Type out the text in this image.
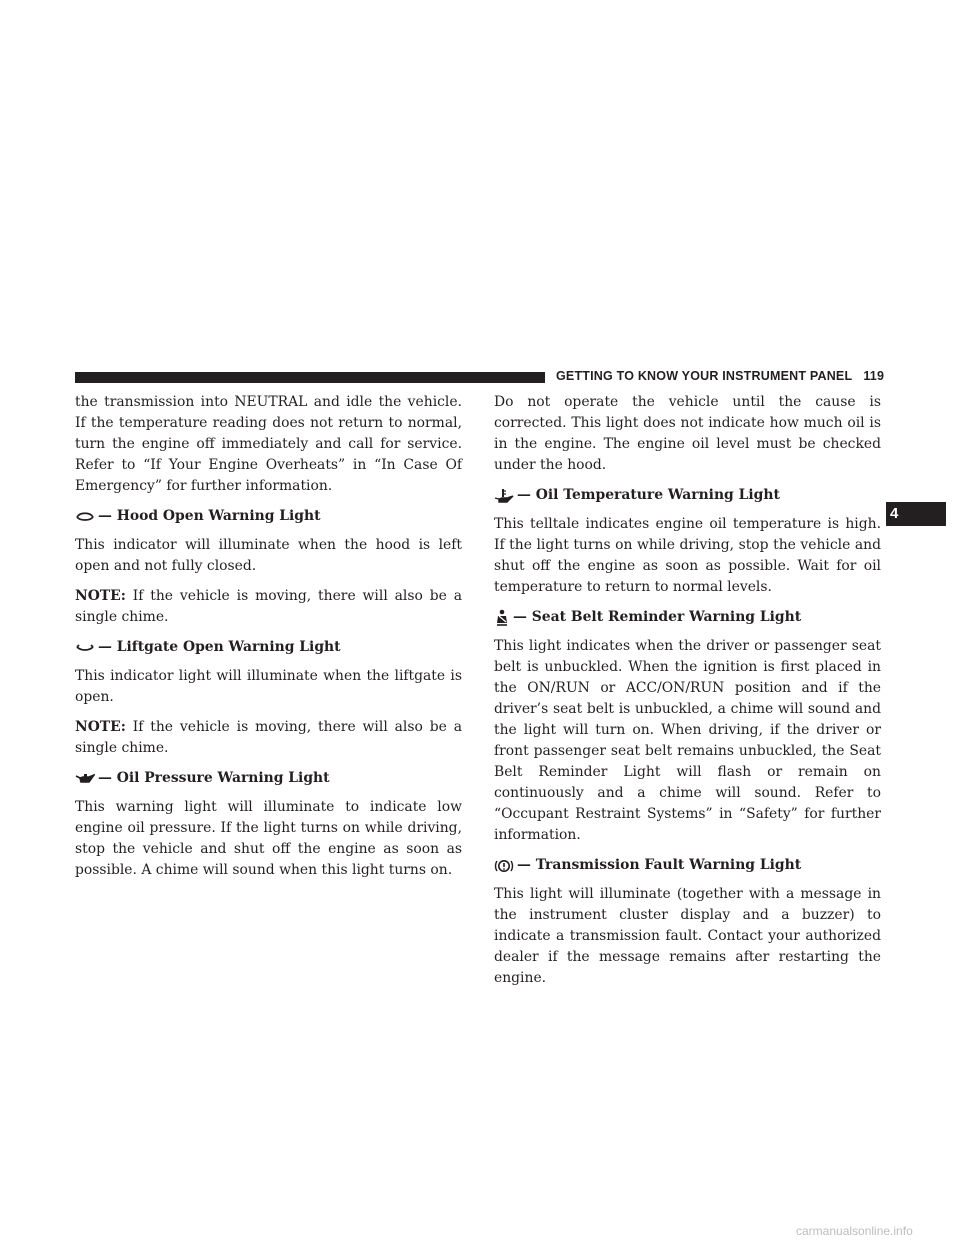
GETTING TO KNOW YOUR INSTRUMENT PANEL 119
4

the transmission into NEUTRAL and idle the vehicle. If the temperature reading does not return to normal, turn the engine off immediately and call for service. Refer to “If Your Engine Overheats” in “In Case Of Emergency” for further information.

— Hood Open Warning Light

This indicator will illuminate when the hood is left open and not fully closed.

NOTE: If the vehicle is moving, there will also be a single chime.

— Liftgate Open Warning Light

This indicator light will illuminate when the liftgate is open.

NOTE: If the vehicle is moving, there will also be a single chime.

— Oil Pressure Warning Light

This warning light will illuminate to indicate low engine oil pressure. If the light turns on while driving, stop the vehicle and shut off the engine as soon as possible. A chime will sound when this light turns on.

Do not operate the vehicle until the cause is corrected. This light does not indicate how much oil is in the engine. The engine oil level must be checked under the hood.

— Oil Temperature Warning Light

This telltale indicates engine oil temperature is high. If the light turns on while driving, stop the vehicle and shut off the engine as soon as possible. Wait for oil temperature to return to normal levels.

— Seat Belt Reminder Warning Light

This light indicates when the driver or passenger seat belt is unbuckled. When the ignition is first placed in the ON/RUN or ACC/ON/RUN position and if the driver’s seat belt is unbuckled, a chime will sound and the light will turn on. When driving, if the driver or front passenger seat belt remains unbuckled, the Seat Belt Reminder Light will flash or remain on continuously and a chime will sound. Refer to “Occupant Restraint Systems” in “Safety” for further information.

— Transmission Fault Warning Light

This light will illuminate (together with a message in the instrument cluster display and a buzzer) to indicate a transmission fault. Contact your authorized dealer if the message remains after restarting the engine.

carmanualsonline.info
